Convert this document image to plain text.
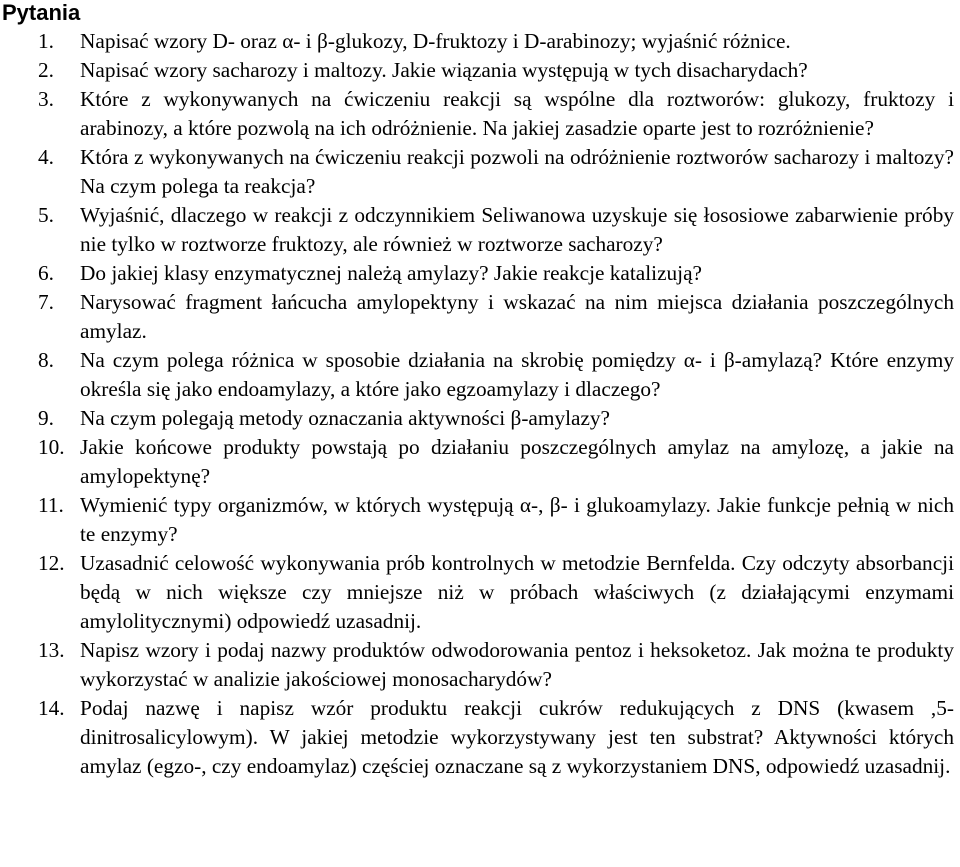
Pytania
1. Napisać wzory D- oraz α- i β-glukozy, D-fruktozy i D-arabinozy; wyjaśnić różnice.
2. Napisać wzory sacharozy i maltozy. Jakie wiązania występują w tych disacharydach?
3. Które z wykonywanych na ćwiczeniu reakcji są wspólne dla roztworów: glukozy, fruktozy i arabinozy, a które pozwolą na ich odróżnienie. Na jakiej zasadzie oparte jest to rozróżnienie?
4. Która z wykonywanych na ćwiczeniu reakcji pozwoli na odróżnienie roztworów sacharozy i maltozy? Na czym polega ta reakcja?
5. Wyjaśnić, dlaczego w reakcji z odczynnikiem Seliwanowa uzyskuje się łososiowe zabarwienie próby nie tylko w roztworze fruktozy, ale również w roztworze sacharozy?
6. Do jakiej klasy enzymatycznej należą amylazy? Jakie reakcje katalizują?
7. Narysować fragment łańcucha amylopektyny i wskazać na nim miejsca działania poszczególnych amylaz.
8. Na czym polega różnica w sposobie działania na skrobię pomiędzy α- i β-amylazą? Które enzymy określa się jako endoamylazy, a które jako egzoamylazy i dlaczego?
9. Na czym polegają metody oznaczania aktywności β-amylazy?
10. Jakie końcowe produkty powstają po działaniu poszczególnych amylaz na amylozę, a jakie na amylopektynę?
11. Wymienić typy organizmów, w których występują α-, β- i glukoamylazy. Jakie funkcje pełnią w nich te enzymy?
12. Uzasadnić celowość wykonywania prób kontrolnych w metodzie Bernfelda. Czy odczyty absorbancji będą w nich większe czy mniejsze niż w próbach właściwych (z działającymi enzymami amylolitycznymi) odpowiedź uzasadnij.
13. Napisz wzory i podaj nazwy produktów odwodorowania pentoz i heksoketoz. Jak można te produkty wykorzystać w analizie jakościowej monosacharydów?
14. Podaj nazwę i napisz wzór produktu reakcji cukrów redukujących z DNS (kwasem ,5-dinitrosalicylowym). W jakiej metodzie wykorzystywany jest ten substrat? Aktywności których amylaz (egzo-, czy endoamylaz) częściej oznaczane są z wykorzystaniem DNS, odpowiedź uzasadnij.
